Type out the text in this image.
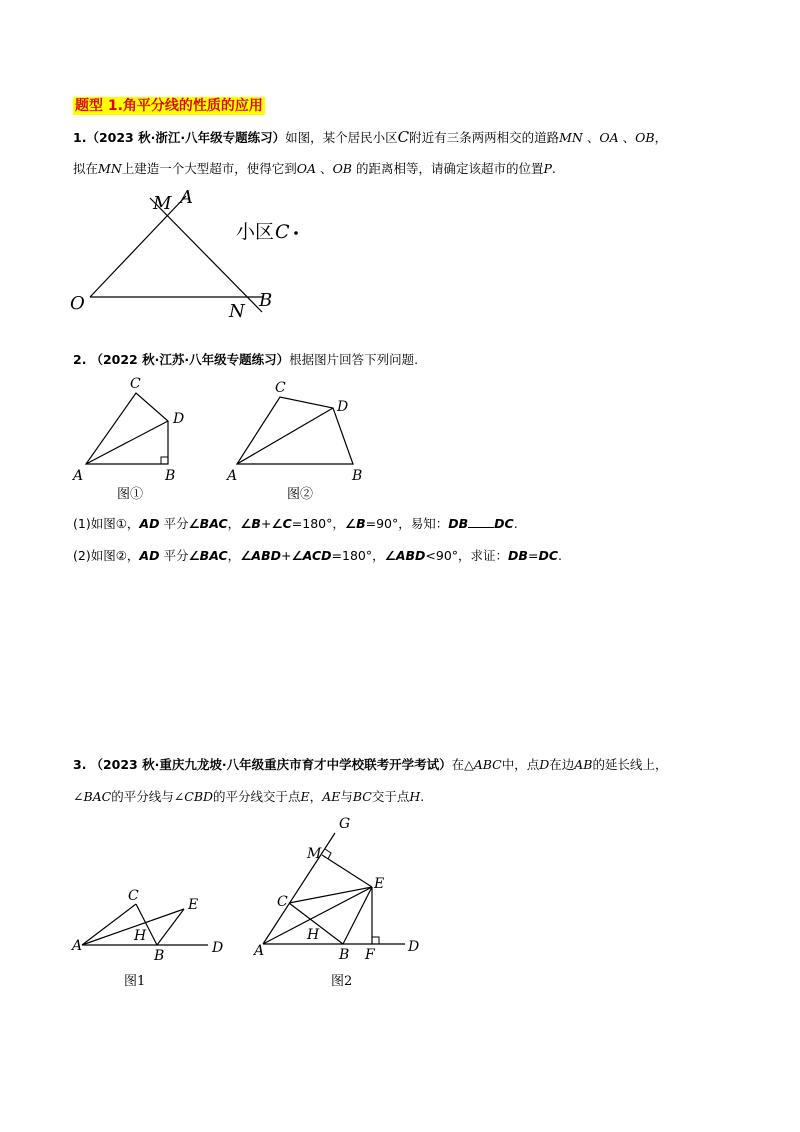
题型 1.角平分线的性质的应用
1.（2023 秋·浙江·八年级专题练习）如图，某个居民小区C附近有三条两两相交的道路MN 、OA 、OB，
拟在MN上建造一个大型超市，使得它到OA 、OB 的距离相等，请确定该超市的位置P.
M A
O	N
B
小区 C
2. （2022 秋·江苏·八年级专题练习）根据图片回答下列问题.
C
D
A	B
图①
C
D
A	B
图②
(1)如图①，AD 平分∠BAC，∠B+∠C=180°，∠B=90°，易知：DB DC.
(2)如图②，AD 平分∠BAC，∠ABD+∠ACD=180°，∠ABD<90°，求证：DB=DC.
3. （2023 秋·重庆九龙坡·八年级重庆市育才中学校联考开学考试）在△ABC中，点D在边AB的延长线上，
∠BAC的平分线与∠CBD的平分线交于点E，AE与BC交于点H.
C
E
H
A
B	D
图1
G
M
E
C
H
A	B F D
图2
